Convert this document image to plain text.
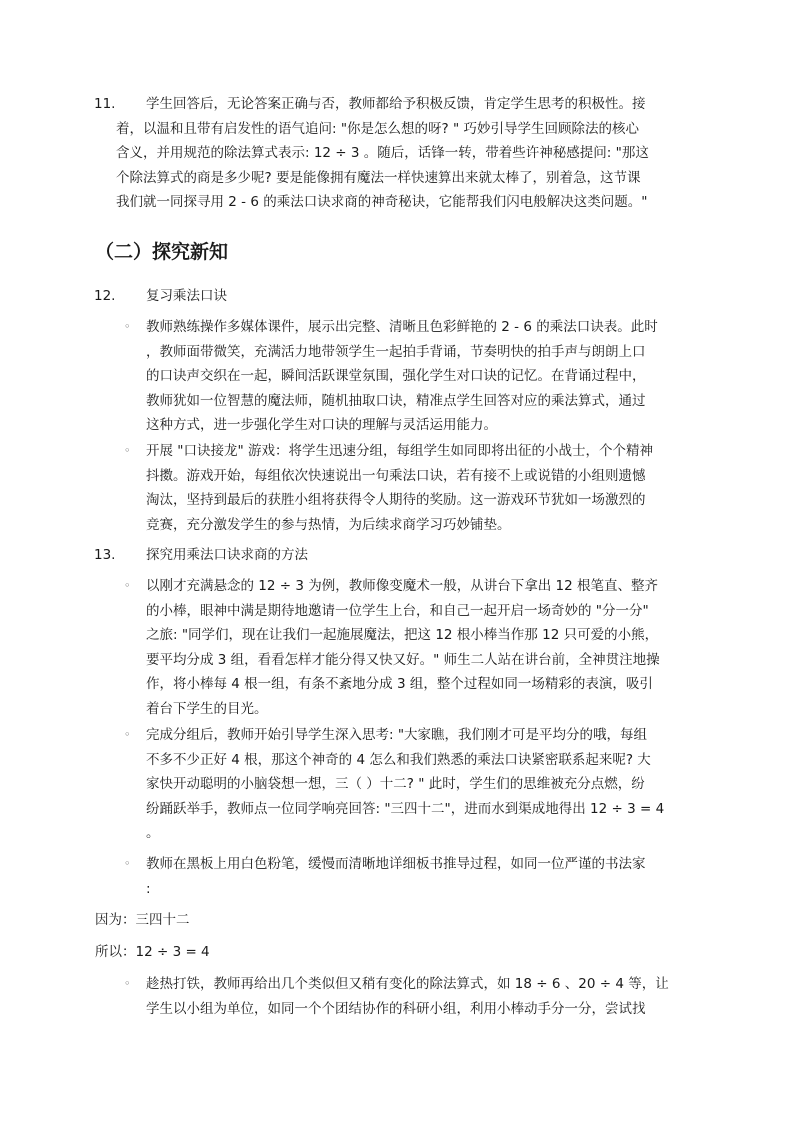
11. 学生回答后，无论答案正确与否，教师都给予积极反馈，肯定学生思考的积极性。接
着，以温和且带有启发性的语气追问: "你是怎么想的呀? " 巧妙引导学生回顾除法的核心
含义，并用规范的除法算式表示: 12 ÷ 3 。随后，话锋一转，带着些许神秘感提问: "那这
个除法算式的商是多少呢? 要是能像拥有魔法一样快速算出来就太棒了，别着急，这节课
我们就一同探寻用 2 - 6 的乘法口诀求商的神奇秘诀，它能帮我们闪电般解决这类问题。"
（二）探究新知
12. 复习乘法口诀
◦ 教师熟练操作多媒体课件，展示出完整、清晰且色彩鲜艳的 2 - 6 的乘法口诀表。此时
，教师面带微笑，充满活力地带领学生一起拍手背诵，节奏明快的拍手声与朗朗上口
的口诀声交织在一起，瞬间活跃课堂氛围，强化学生对口诀的记忆。在背诵过程中，
教师犹如一位智慧的魔法师，随机抽取口诀，精准点学生回答对应的乘法算式，通过
这种方式，进一步强化学生对口诀的理解与灵活运用能力。
◦ 开展 "口诀接龙" 游戏：将学生迅速分组，每组学生如同即将出征的小战士，个个精神
抖擞。游戏开始，每组依次快速说出一句乘法口诀，若有接不上或说错的小组则遗憾
淘汰，坚持到最后的获胜小组将获得令人期待的奖励。这一游戏环节犹如一场激烈的
竞赛，充分激发学生的参与热情，为后续求商学习巧妙铺垫。
13. 探究用乘法口诀求商的方法
◦ 以刚才充满悬念的 12 ÷ 3 为例，教师像变魔术一般，从讲台下拿出 12 根笔直、整齐
的小棒，眼神中满是期待地邀请一位学生上台，和自己一起开启一场奇妙的 "分一分"
之旅: "同学们，现在让我们一起施展魔法，把这 12 根小棒当作那 12 只可爱的小熊，
要平均分成 3 组，看看怎样才能分得又快又好。" 师生二人站在讲台前，全神贯注地操
作，将小棒每 4 根一组，有条不紊地分成 3 组，整个过程如同一场精彩的表演，吸引
着台下学生的目光。
◦ 完成分组后，教师开始引导学生深入思考: "大家瞧，我们刚才可是平均分的哦，每组
不多不少正好 4 根，那这个神奇的 4 怎么和我们熟悉的乘法口诀紧密联系起来呢? 大
家快开动聪明的小脑袋想一想，三（ ）十二? " 此时，学生们的思维被充分点燃，纷
纷踊跃举手，教师点一位同学响亮回答: "三四十二"，进而水到渠成地得出 12 ÷ 3 = 4
。
◦ 教师在黑板上用白色粉笔，缓慢而清晰地详细板书推导过程，如同一位严谨的书法家
:
因为：三四十二
所以：12 ÷ 3 = 4
◦ 趁热打铁，教师再给出几个类似但又稍有变化的除法算式，如 18 ÷ 6 、20 ÷ 4 等，让
学生以小组为单位，如同一个个团结协作的科研小组，利用小棒动手分一分，尝试找
